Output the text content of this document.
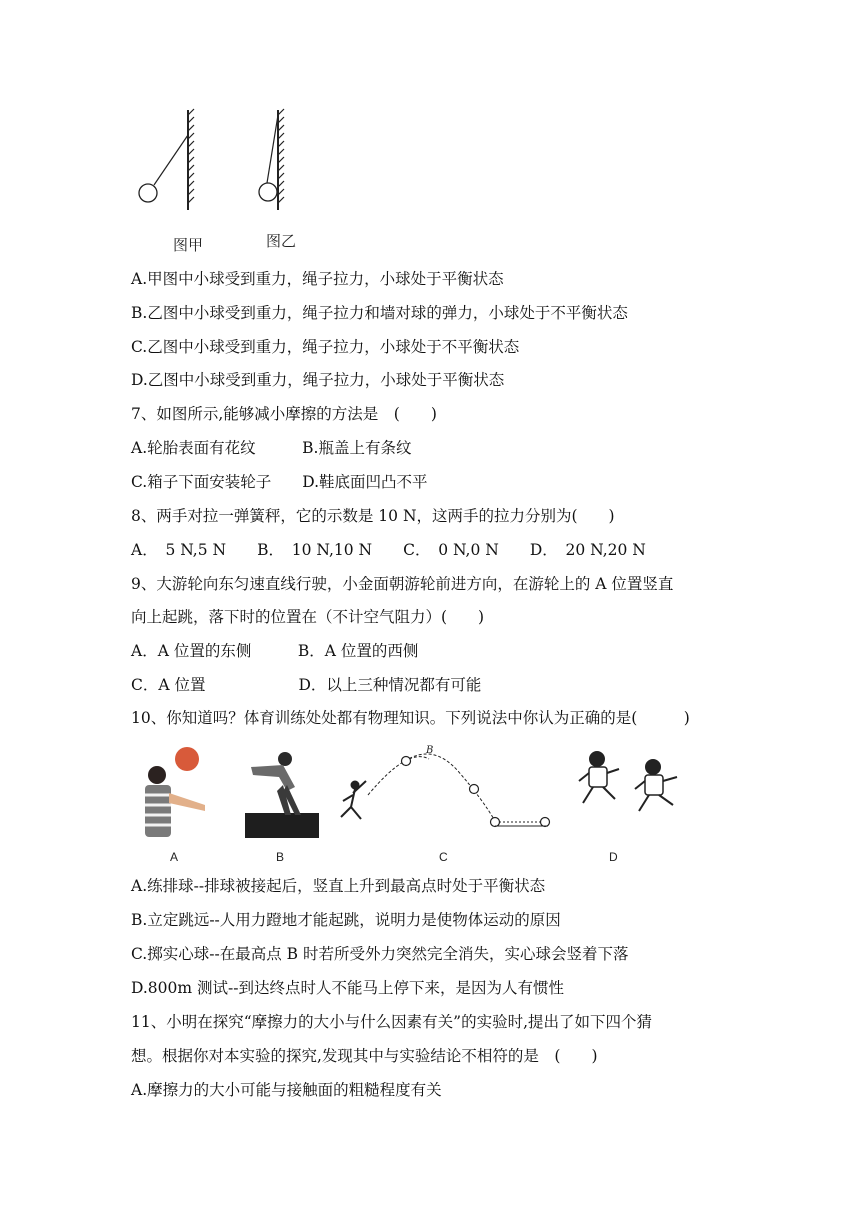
图甲	图乙
A.甲图中小球受到重力，绳子拉力，小球处于平衡状态
B.乙图中小球受到重力，绳子拉力和墙对球的弹力，小球处于不平衡状态
C.乙图中小球受到重力，绳子拉力，小球处于不平衡状态
D.乙图中小球受到重力，绳子拉力，小球处于平衡状态
7、如图所示,能够减小摩擦的方法是　(　　)
A.轮胎表面有花纹　　　B.瓶盖上有条纹
C.箱子下面安装轮子　　D.鞋底面凹凸不平
8、两手对拉一弹簧秤，它的示数是 10 N，这两手的拉力分别为(　　)
A．　5 N,5 N　　B．　10 N,10 N　　C．　0 N,0 N　　D．　20 N,20 N
9、大游轮向东匀速直线行驶，小金面朝游轮前进方向，在游轮上的 A 位置竖直
向上起跳，落下时的位置在（不计空气阻力）(　　)
A．A 位置的东侧　　　B．A 位置的西侧
C．A 位置　　　　　　D．以上三种情况都有可能
10、你知道吗？体育训练处处都有物理知识。下列说法中你认为正确的是(　　　)
B
A	B	C	D
A.练排球--排球被接起后，竖直上升到最高点时处于平衡状态
B.立定跳远--人用力蹬地才能起跳，说明力是使物体运动的原因
C.掷实心球--在最高点 B 时若所受外力突然完全消失，实心球会竖着下落
D.800m 测试--到达终点时人不能马上停下来，是因为人有惯性
11、小明在探究“摩擦力的大小与什么因素有关”的实验时,提出了如下四个猜
想。根据你对本实验的探究,发现其中与实验结论不相符的是　(　　)
A.摩擦力的大小可能与接触面的粗糙程度有关
